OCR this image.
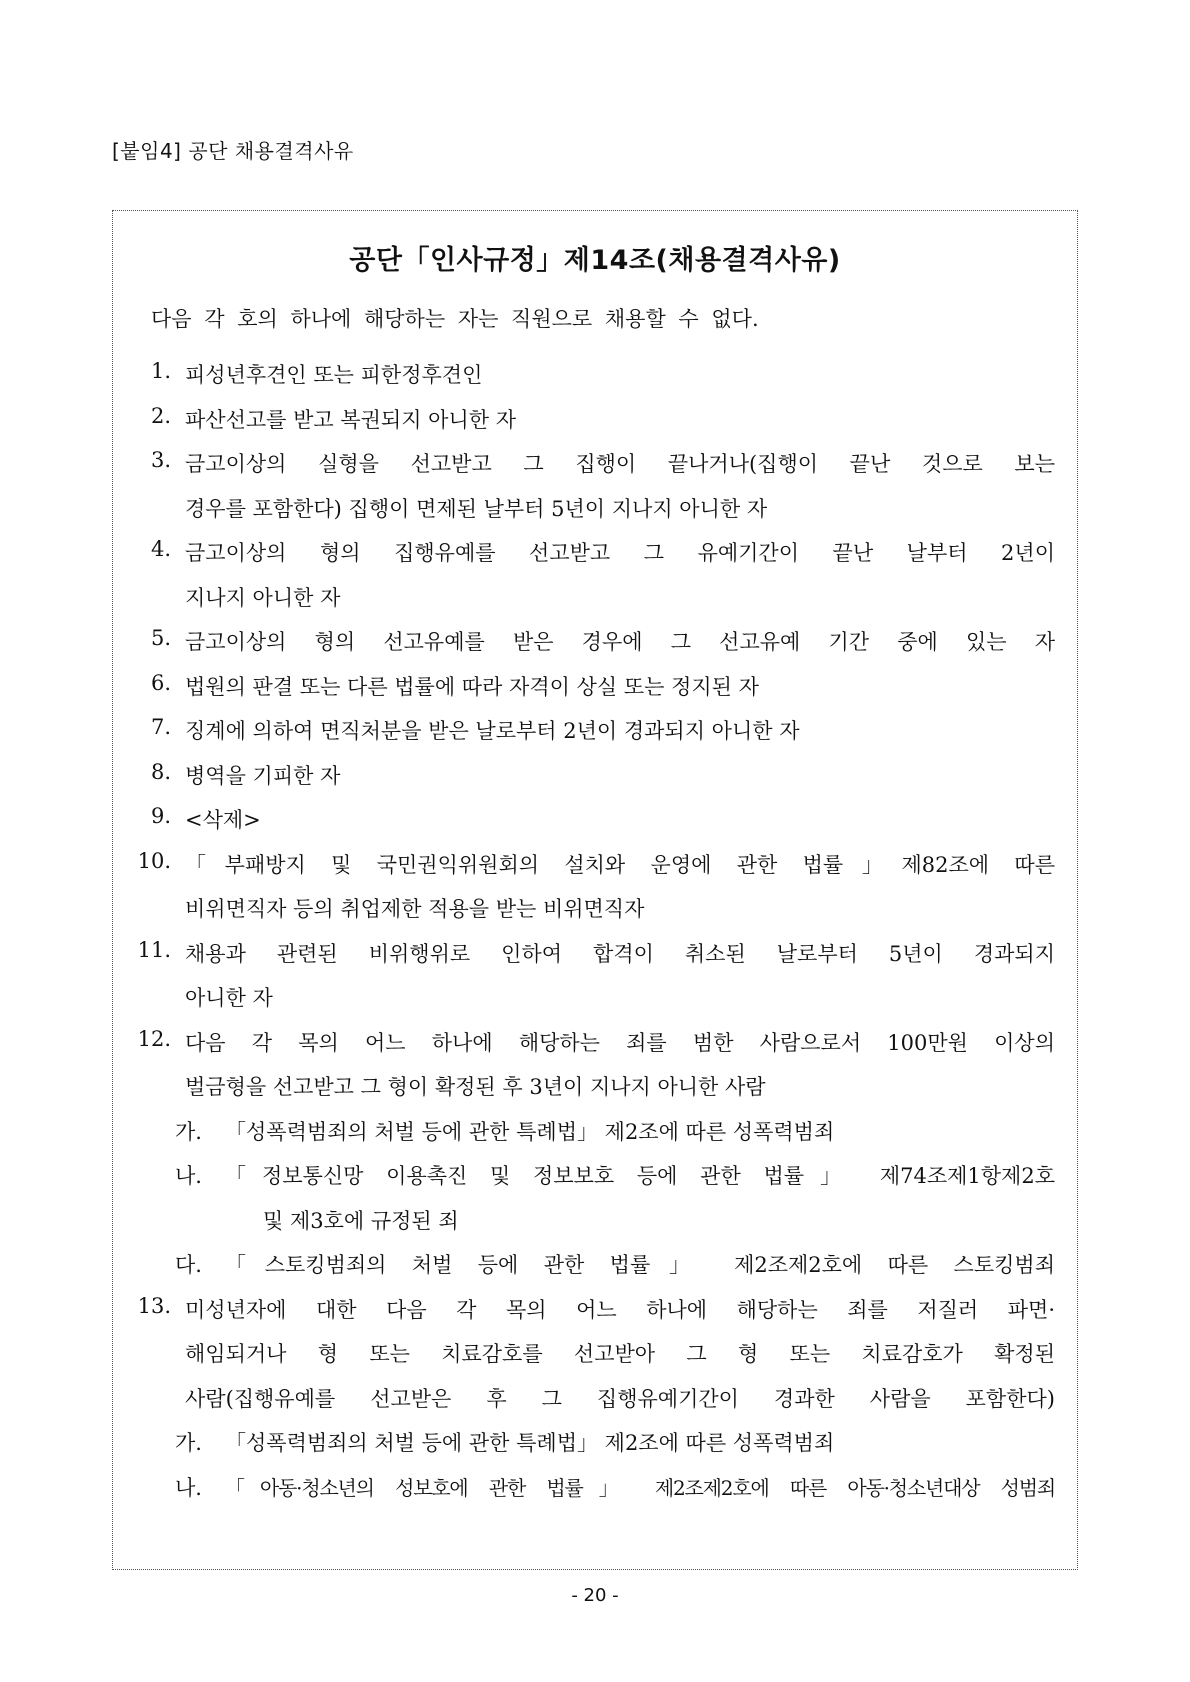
[붙임4] 공단 채용결격사유
공단「인사규정」제14조(채용결격사유)
다음 각 호의 하나에 해당하는 자는 직원으로 채용할 수 없다.
1. 피성년후견인 또는 피한정후견인
2. 파산선고를 받고 복권되지 아니한 자
3. 금고이상의 실형을 선고받고 그 집행이 끝나거나(집행이 끝난 것으로 보는
경우를 포함한다) 집행이 면제된 날부터 5년이 지나지 아니한 자
4. 금고이상의 형의 집행유예를 선고받고 그 유예기간이 끝난 날부터 2년이
지나지 아니한 자
5. 금고이상의 형의 선고유예를 받은 경우에 그 선고유예 기간 중에 있는 자
6. 법원의 판결 또는 다른 법률에 따라 자격이 상실 또는 정지된 자
7. 징계에 의하여 면직처분을 받은 날로부터 2년이 경과되지 아니한 자
8. 병역을 기피한 자
9. <삭제>
10. 「부패방지 및 국민권익위원회의 설치와 운영에 관한 법률」제82조에 따른
비위면직자 등의 취업제한 적용을 받는 비위면직자
11. 채용과 관련된 비위행위로 인하여 합격이 취소된 날로부터 5년이 경과되지
아니한 자
12. 다음 각 목의 어느 하나에 해당하는 죄를 범한 사람으로서 100만원 이상의
벌금형을 선고받고 그 형이 확정된 후 3년이 지나지 아니한 사람
가. 「성폭력범죄의 처벌 등에 관한 특례법」 제2조에 따른 성폭력범죄
나. 「정보통신망 이용촉진 및 정보보호 등에 관한 법률」 제74조제1항제2호
및 제3호에 규정된 죄
다. 「스토킹범죄의 처벌 등에 관한 법률」 제2조제2호에 따른 스토킹범죄
13. 미성년자에 대한 다음 각 목의 어느 하나에 해당하는 죄를 저질러 파면·
해임되거나 형 또는 치료감호를 선고받아 그 형 또는 치료감호가 확정된
사람(집행유예를 선고받은 후 그 집행유예기간이 경과한 사람을 포함한다)
가. 「성폭력범죄의 처벌 등에 관한 특례법」 제2조에 따른 성폭력범죄
나. 「아동·청소년의 성보호에 관한 법률」 제2조제2호에 따른 아동·청소년대상 성범죄
- 20 -
